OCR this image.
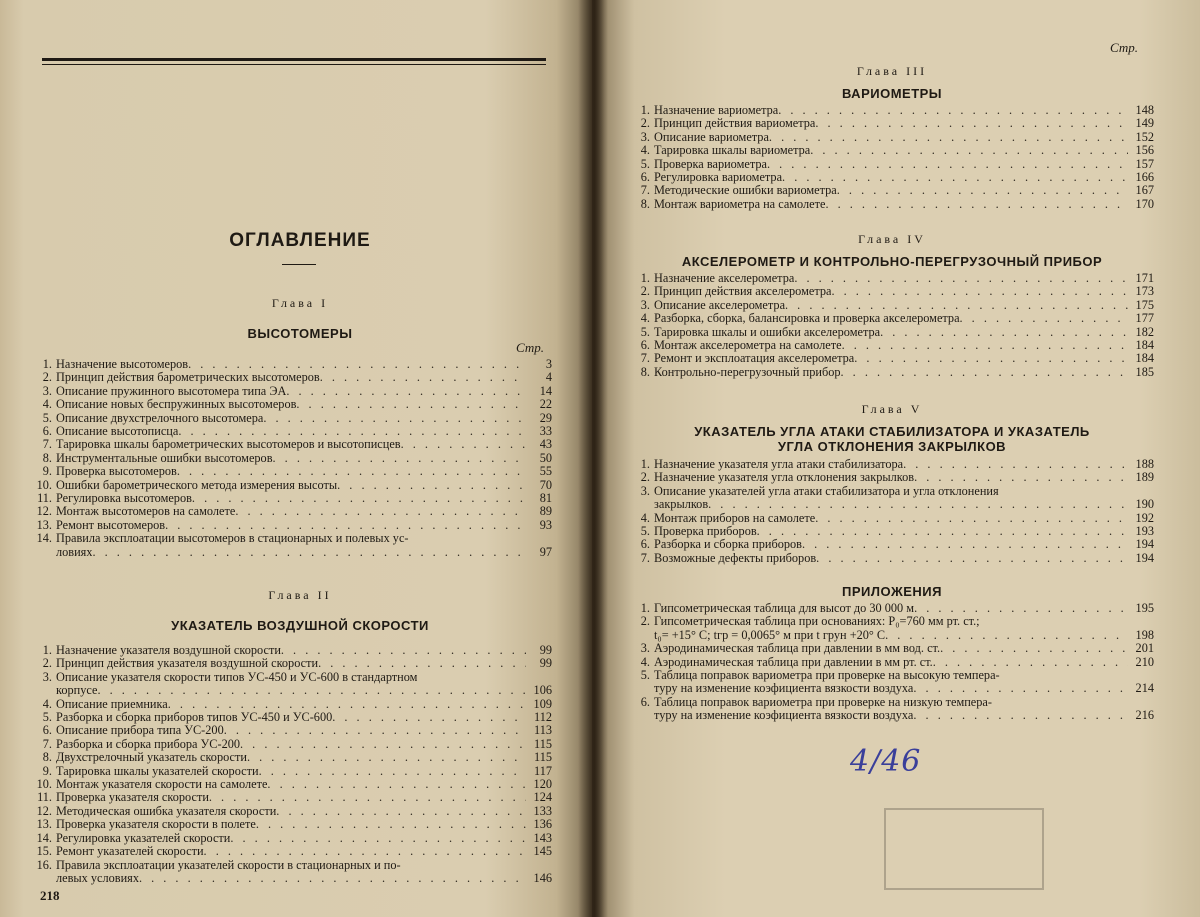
ОГЛАВЛЕНИЕ
Глава I
ВЫСОТОМЕРЫ
Стр.
1. Назначение высотомеров . . .	3
2. Принцип действия барометрических высотомеров . . .	4
3. Описание пружинного высотомера типа ЭА . . .	14
4. Описание новых беспружинных высотомеров . . .	22
5. Описание двухстрелочного высотомера . . .	29
6. Описание высотописца . . .	33
7. Тарировка шкалы барометрических высотомеров и высотописцев . . .	43
8. Инструментальные ошибки высотомеров . . .	50
9. Проверка высотомеров . . .	55
10. Ошибки барометрического метода измерения высоты . . .	70
11. Регулировка высотомеров . . .	81
12. Монтаж высотомеров на самолете . . .	89
13. Ремонт высотомеров . . .	93
14. Правила эксплоатации высотомеров в стационарных и полевых ус-
ловиях . . .	97
Глава II
УКАЗАТЕЛЬ ВОЗДУШНОЙ СКОРОСТИ
1. Назначение указателя воздушной скорости . . .	99
2. Принцип действия указателя воздушной скорости . . .	99
3. Описание указателя скорости типов УС-450 и УС-600 в стандартном
корпусе . . .	106
4. Описание приемника . . .	109
5. Разборка и сборка приборов типов УС-450 и УС-600 . . .	112
6. Описание прибора типа УС-200 . . .	113
7. Разборка и сборка прибора УС-200 . . .	115
8. Двухстрелочный указатель скорости . . .	115
9. Тарировка шкалы указателей скорости . . .	117
10. Монтаж указателя скорости на самолете . . .	120
11. Проверка указателя скорости . . .	124
12. Методическая ошибка указателя скорости . . .	133
13. Проверка указателя скорости в полете . . .	136
14. Регулировка указателей скорости . . .	143
15. Ремонт указателей скорости . . .	145
16. Правила эксплоатации указателей скорости в стационарных и по-
левых условиях . . .	146
218
Стр.
Глава III
ВАРИОМЕТРЫ
1. Назначение вариометра . . .	148
2. Принцип действия вариометра . . .	149
3. Описание вариометра . . .	152
4. Тарировка шкалы вариометра . . .	156
5. Проверка вариометра . . .	157
6. Регулировка вариометра . . .	166
7. Методические ошибки вариометра . . .	167
8. Монтаж вариометра на самолете . . .	170
Глава IV
АКСЕЛЕРОМЕТР И КОНТРОЛЬНО-ПЕРЕГРУЗОЧНЫЙ ПРИБОР
1. Назначение акселерометра . . .	171
2. Принцип действия акселерометра . . .	173
3. Описание акселерометра . . .	175
4. Разборка, сборка, балансировка и проверка акселерометра . . .	177
5. Тарировка шкалы и ошибки акселерометра . . .	182
6. Монтаж акселерометра на самолете . . .	184
7. Ремонт и эксплоатация акселерометра . . .	184
8. Контрольно-перегрузочный прибор . . .	185
Глава V
УКАЗАТЕЛЬ УГЛА АТАКИ СТАБИЛИЗАТОРА И УКАЗАТЕЛЬ
УГЛА ОТКЛОНЕНИЯ ЗАКРЫЛКОВ
1. Назначение указателя угла атаки стабилизатора . . .	188
2. Назначение указателя угла отклонения закрылков . . .	189
3. Описание указателей угла атаки стабилизатора и угла отклонения
закрылков . . .	190
4. Монтаж приборов на самолете . . .	192
5. Проверка приборов . . .	193
6. Разборка и сборка приборов . . .	194
7. Возможные дефекты приборов . . .	194
ПРИЛОЖЕНИЯ
1. Гипсометрическая таблица для высот до 30 000 м . . .	195
2. Гипсометрическая таблица при основаниях: P₀=760 мм рт. ст.;
t₀= +15° C; tгр = 0,0065° м при t грун +20° C . . .	198
3. Аэродинамическая таблица при давлении в мм вод. ст. . . .	201
4. Аэродинамическая таблица при давлении в мм рт. ст. . . .	210
5. Таблица поправок вариометра при проверке на высокую темпера-
туру на изменение коэфициента вязкости воздуха . . .	214
6. Таблица поправок вариометра при проверке на низкую темпера-
туру на изменение коэфициента вязкости воздуха . . .	216
4/46
